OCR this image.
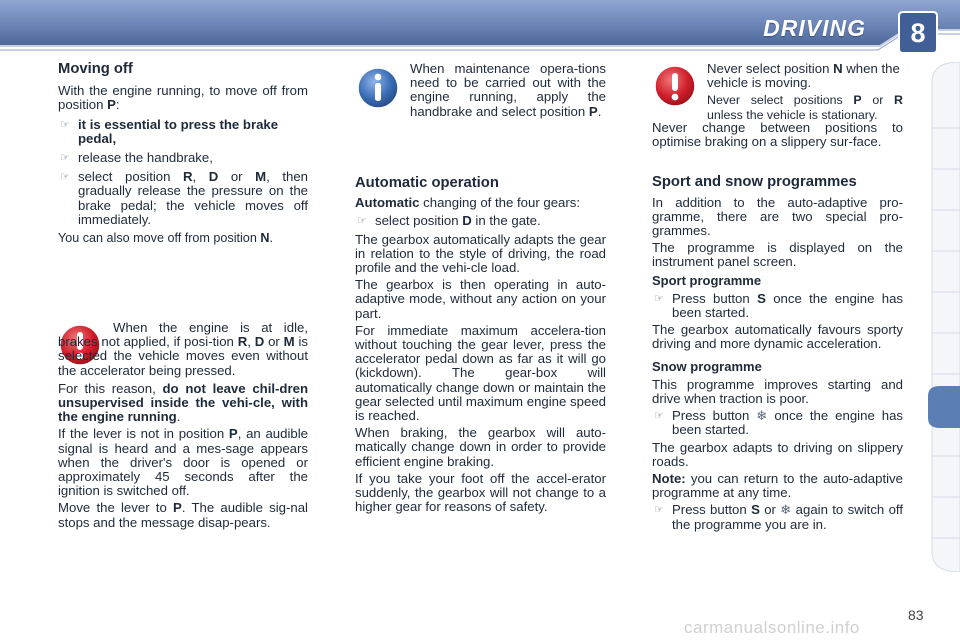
DRIVING	8
Moving off

With the engine running, to move off from position P:

☞ it is essential to press the brake pedal,

☞ release the handbrake,

☞ select position R, D or M, then gradually release the pressure on the brake pedal; the vehicle moves off immediately.

You can also move off from position N.

When the engine is at idle, brakes not applied, if posi-tion R, D or M is selected the vehicle moves even without the accelerator being pressed.

For this reason, do not leave chil-dren unsupervised inside the vehi-cle, with the engine running.

If the lever is not in position P, an audible signal is heard and a mes-sage appears when the driver's door is opened or approximately 45 seconds after the ignition is switched off.

Move the lever to P. The audible sig-nal stops and the message disap-pears.

When maintenance opera-tions need to be carried out with the engine running, apply the handbrake and select position P.

Automatic operation

Automatic changing of the four gears:

☞ select position D in the gate.

The gearbox automatically adapts the gear in relation to the style of driving, the road profile and the vehi-cle load.

The gearbox is then operating in auto-adaptive mode, without any action on your part.

For immediate maximum accelera-tion without touching the gear lever, press the accelerator pedal down as far as it will go (kickdown). The gear-box will automatically change down or maintain the gear selected until maximum engine speed is reached.

When braking, the gearbox will auto-matically change down in order to provide efficient engine braking.

If you take your foot off the accel-erator suddenly, the gearbox will not change to a higher gear for reasons of safety.

Never select position N when the vehicle is moving.

Never select positions P or R unless the vehicle is stationary.

Never change between positions to optimise braking on a slippery sur-face.

Sport and snow programmes

In addition to the auto-adaptive pro-gramme, there are two special pro-grammes.

The programme is displayed on the instrument panel screen.

Sport programme

☞ Press button S once the engine has been started.

The gearbox automatically favours sporty driving and more dynamic acceleration.

Snow programme

This programme improves starting and drive when traction is poor.

☞ Press button ❄ once the engine has been started.

The gearbox adapts to driving on slippery roads.

Note: you can return to the auto-adaptive programme at any time.

☞ Press button S or ❄ again to switch off the programme you are in.

83
carmanualsonline.info
